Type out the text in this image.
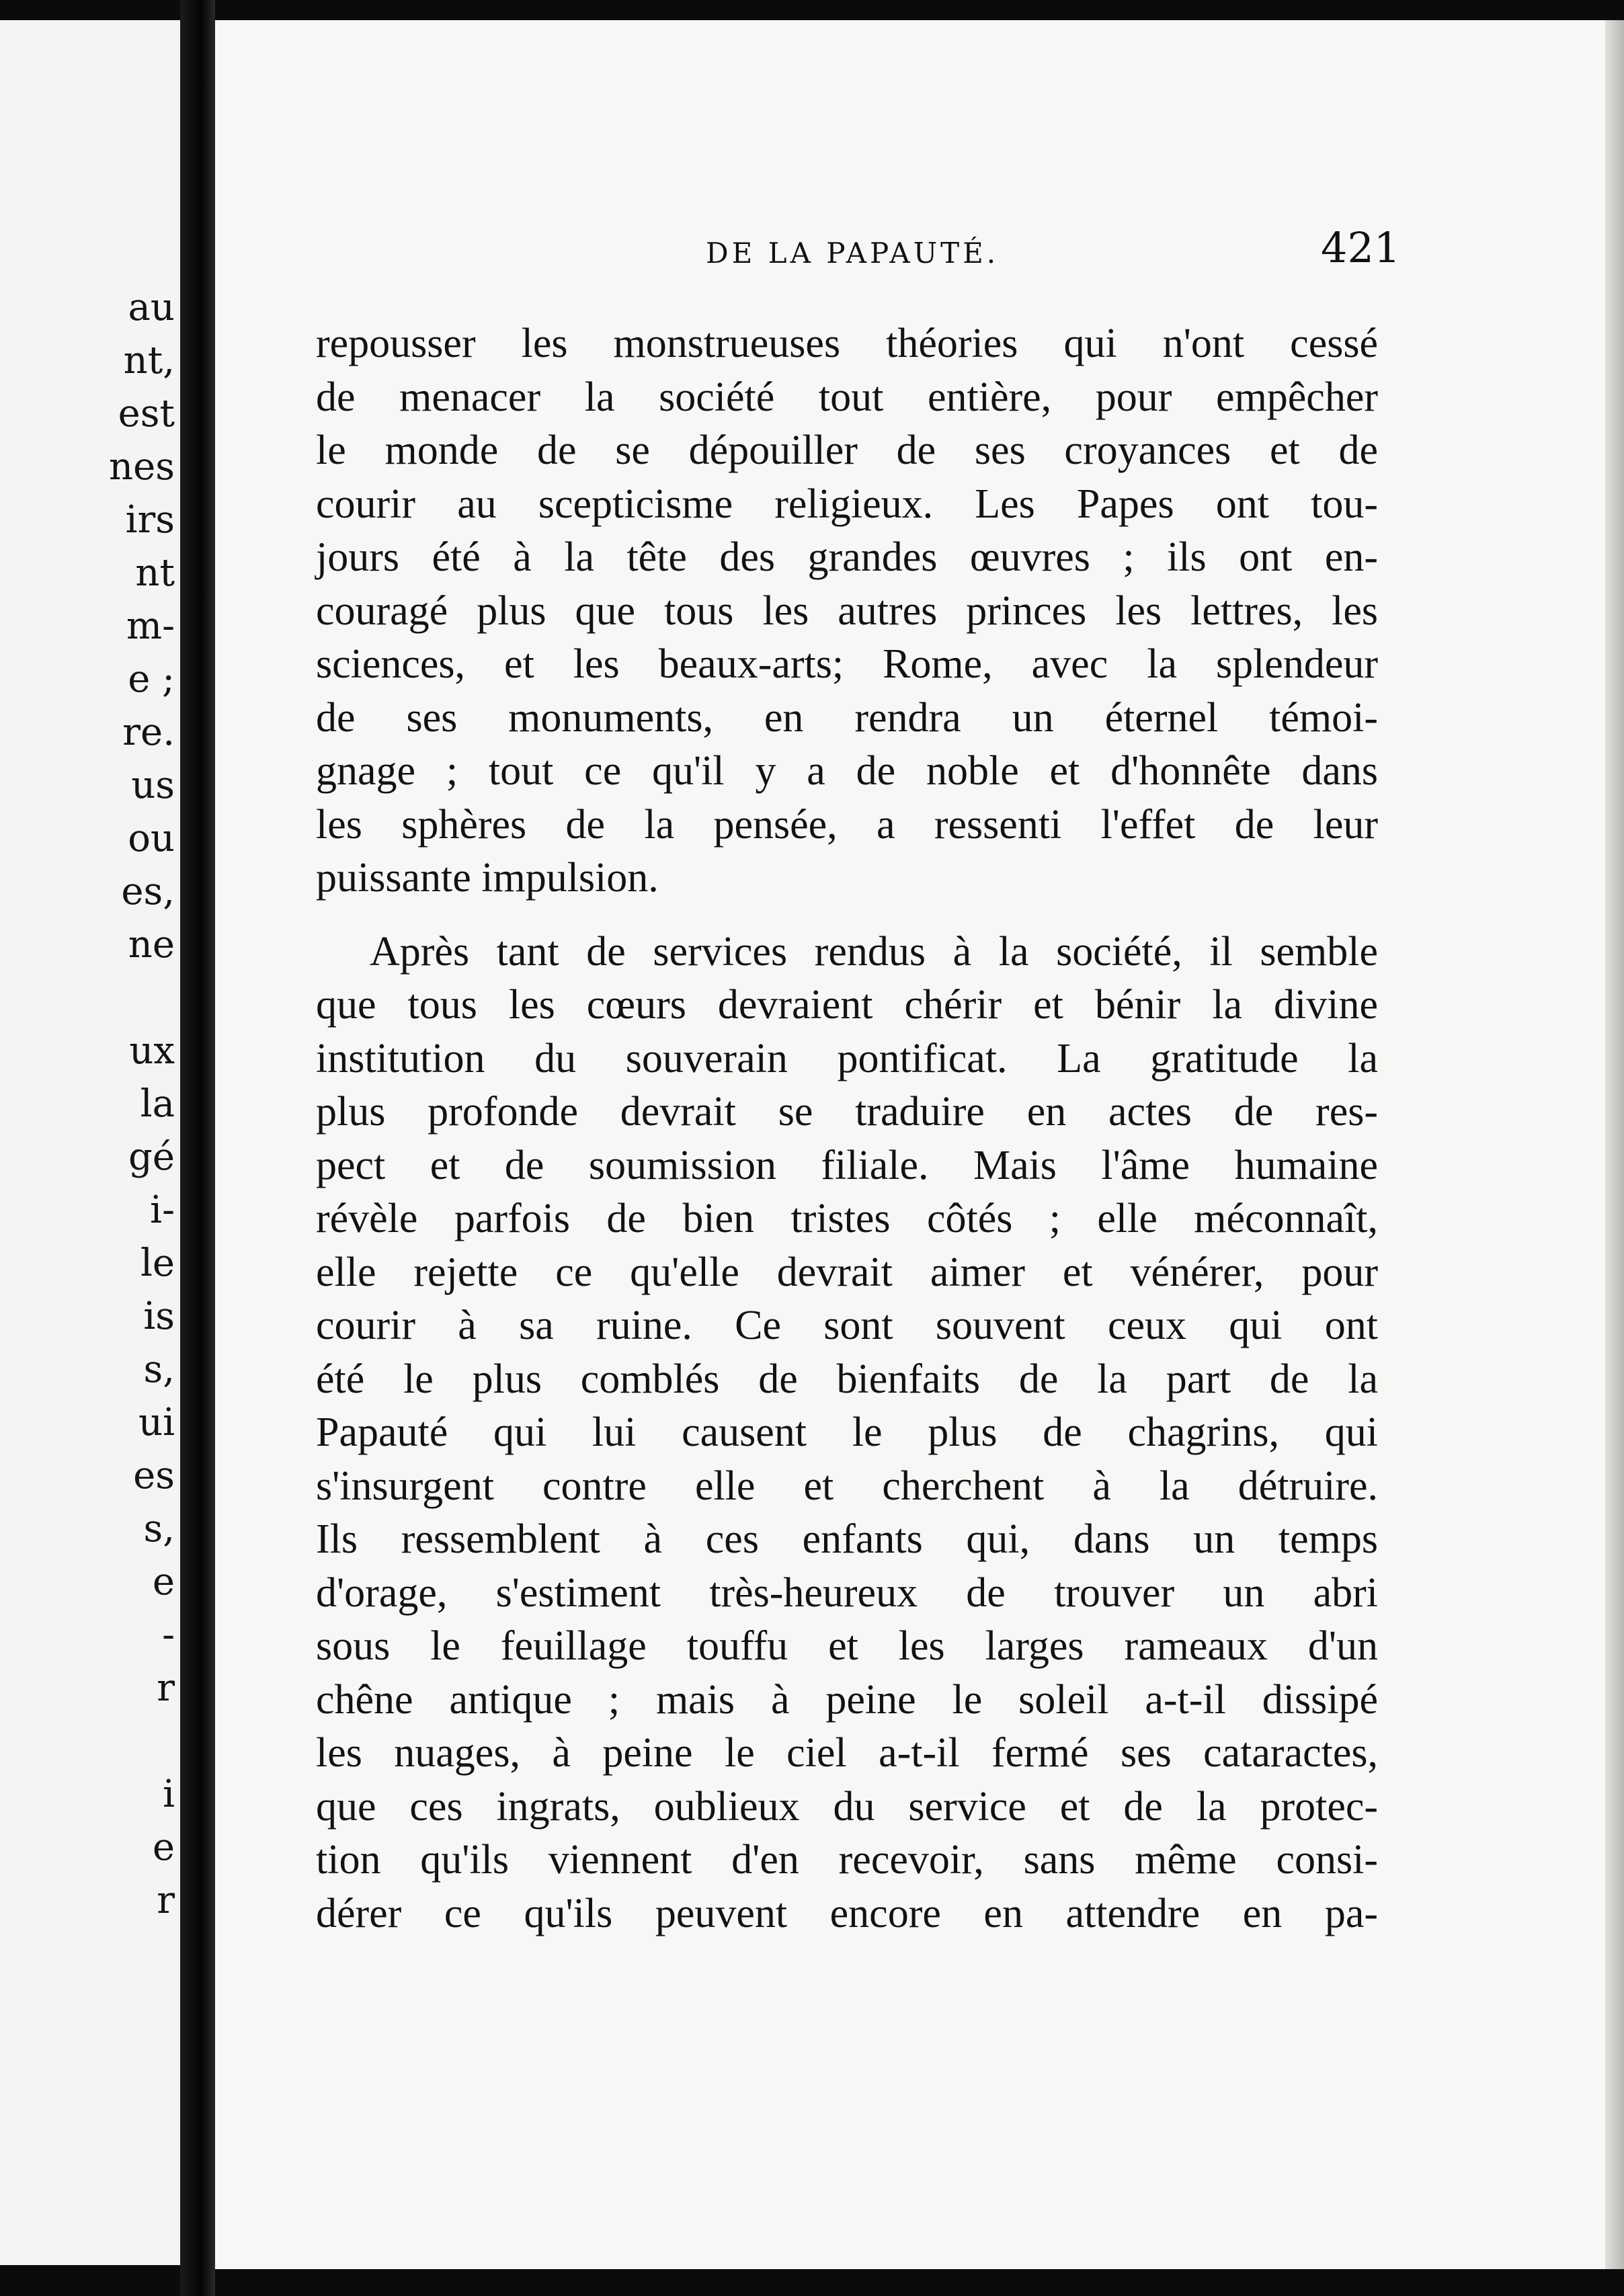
au
nt,
est
nes
irs
nt
m-
e ;
re.
us
ou
es,
ne
ux
la
gé
i-
le
is
s,
ui
es
s,
e
-
r
i
e
r
DE LA PAPAUTÉ.	421
repousser les monstrueuses théories qui n'ont cessé
de menacer la société tout entière, pour empêcher
le monde de se dépouiller de ses croyances et de
courir au scepticisme religieux. Les Papes ont tou-
jours été à la tête des grandes œuvres ; ils ont en-
couragé plus que tous les autres princes les lettres, les
sciences, et les beaux-arts; Rome, avec la splendeur
de ses monuments, en rendra un éternel témoi-
gnage ; tout ce qu'il y a de noble et d'honnête dans
les sphères de la pensée, a ressenti l'effet de leur
puissante impulsion.
Après tant de services rendus à la société, il semble
que tous les cœurs devraient chérir et bénir la divine
institution du souverain pontificat. La gratitude la
plus profonde devrait se traduire en actes de res-
pect et de soumission filiale. Mais l'âme humaine
révèle parfois de bien tristes côtés ; elle méconnaît,
elle rejette ce qu'elle devrait aimer et vénérer, pour
courir à sa ruine. Ce sont souvent ceux qui ont
été le plus comblés de bienfaits de la part de la
Papauté qui lui causent le plus de chagrins, qui
s'insurgent contre elle et cherchent à la détruire.
Ils ressemblent à ces enfants qui, dans un temps
d'orage, s'estiment très-heureux de trouver un abri
sous le feuillage touffu et les larges rameaux d'un
chêne antique ; mais à peine le soleil a-t-il dissipé
les nuages, à peine le ciel a-t-il fermé ses cataractes,
que ces ingrats, oublieux du service et de la protec-
tion qu'ils viennent d'en recevoir, sans même consi-
dérer ce qu'ils peuvent encore en attendre en pa-
